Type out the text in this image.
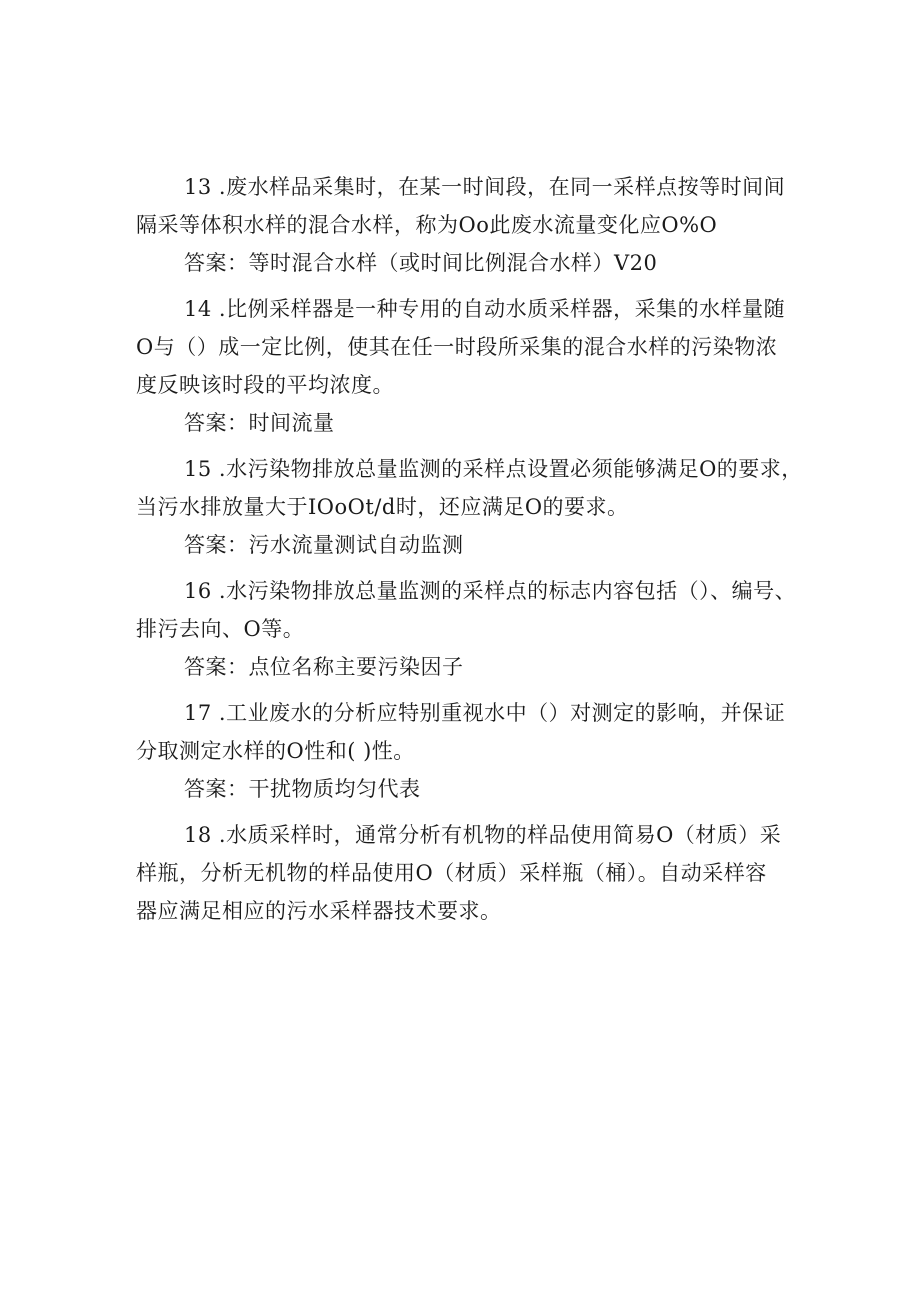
13 .废水样品采集时，在某一时间段，在同一采样点按等时间间
隔采等体积水样的混合水样，称为Oo此废水流量变化应O%O
答案：等时混合水样（或时间比例混合水样）V20
14 .比例采样器是一种专用的自动水质采样器，采集的水样量随
O与（）成一定比例，使其在任一时段所采集的混合水样的污染物浓
度反映该时段的平均浓度。
答案：时间流量
15 .水污染物排放总量监测的采样点设置必须能够满足O的要求，
当污水排放量大于IOoOt/d时，还应满足O的要求。
答案：污水流量测试自动监测
16 .水污染物排放总量监测的采样点的标志内容包括（）、编号、
排污去向、O等。
答案：点位名称主要污染因子
17 .工业废水的分析应特别重视水中（）对测定的影响，并保证
分取测定水样的O性和( )性。
答案：干扰物质均匀代表
18 .水质采样时，通常分析有机物的样品使用简易O（材质）采
样瓶，分析无机物的样品使用O（材质）采样瓶（桶）。自动采样容
器应满足相应的污水采样器技术要求。
